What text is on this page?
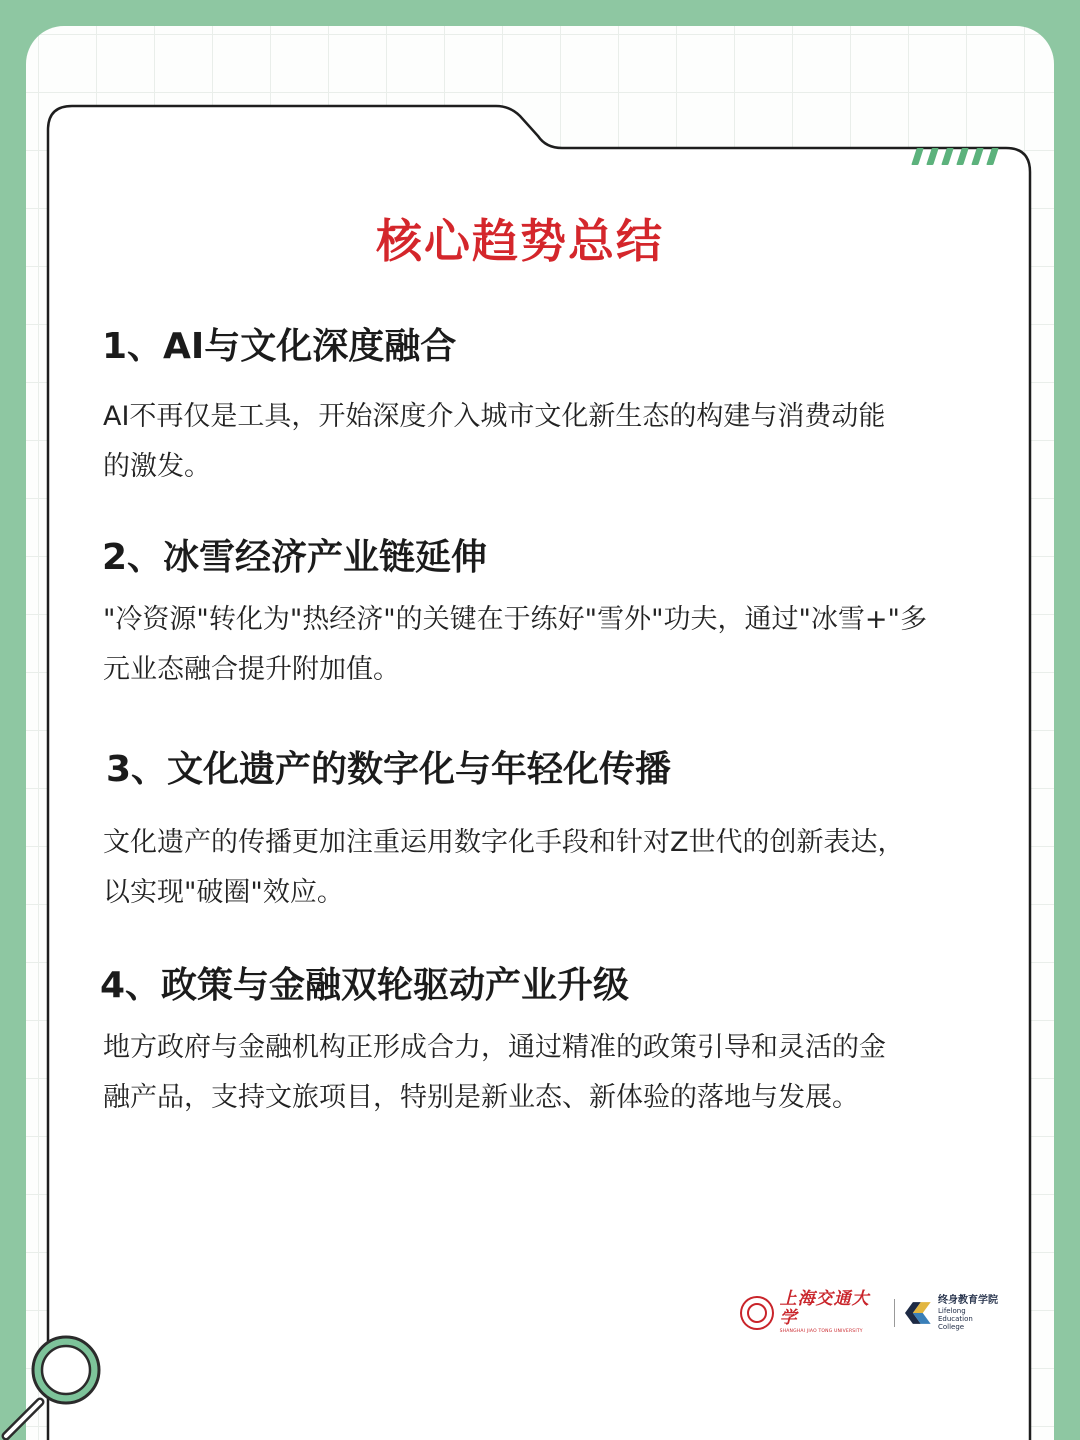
核心趋势总结
1、AI与文化深度融合
AI不再仅是工具，开始深度介入城市文化新生态的构建与消费动能
的激发。
2、冰雪经济产业链延伸
"冷资源"转化为"热经济"的关键在于练好"雪外"功夫，通过"冰雪+"多
元业态融合提升附加值。
3、文化遗产的数字化与年轻化传播
文化遗产的传播更加注重运用数字化手段和针对Z世代的创新表达，
以实现"破圈"效应。
4、政策与金融双轮驱动产业升级
地方政府与金融机构正形成合力，通过精准的政策引导和灵活的金
融产品，支持文旅项目，特别是新业态、新体验的落地与发展。
上海交通大学
SHANGHAI JIAO TONG UNIVERSITY
终身教育学院
Lifelong Education
College
